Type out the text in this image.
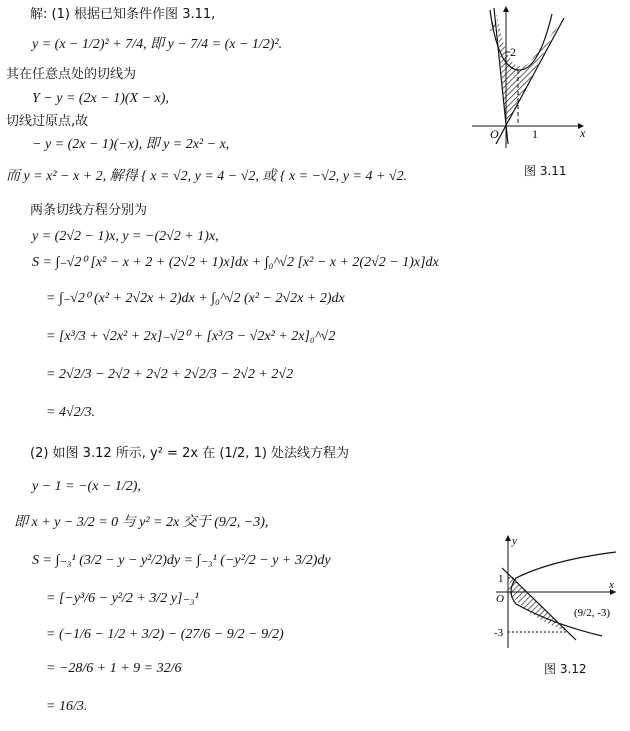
解: (1) 根据已知条件作图 3.11,
y = (x − 1/2)² + 7/4, 即 y − 7/4 = (x − 1/2)².
其在任意点处的切线为
Y − y = (2x − 1)(X − x),
切线过原点,故
− y = (2x − 1)(−x), 即 y = 2x² − x,
而 y = x² − x + 2, 解得 { x = √2, y = 4 − √2, 或 { x = −√2, y = 4 + √2.
两条切线方程分别为
y = (2√2 − 1)x, y = −(2√2 + 1)x,
S = ∫₋√2⁰ [x² − x + 2 + (2√2 + 1)x]dx + ∫₀^√2 [x² − x + 2(2√2 − 1)x]dx
= ∫₋√2⁰ (x² + 2√2x + 2)dx + ∫₀^√2 (x² − 2√2x + 2)dx
= [x³/3 + √2x² + 2x]₋√2⁰ + [x³/3 − √2x² + 2x]₀^√2
= 2√2/3 − 2√2 + 2√2 + 2√2/3 − 2√2 + 2√2
= 4√2/3.
(2) 如图 3.12 所示, y² = 2x 在 (1/2, 1) 处法线方程为
y − 1 = −(x − 1/2),
即 x + y − 3/2 = 0 与 y² = 2x 交于 (9/2, −3),
S = ∫₋₃¹ (3/2 − y − y²/2)dy = ∫₋₃¹ (−y²/2 − y + 3/2)dy
= [−y³/6 − y²/2 + 3/2 y]₋₃¹
= (−1/6 − 1/2 + 3/2) − (27/6 − 9/2 − 9/2)
= −28/6 + 1 + 9 = 32/6
= 16/3.
y
x
O	1
2
图 3.11
y
x
O
1
-3
(9/2, -3)
图 3.12
